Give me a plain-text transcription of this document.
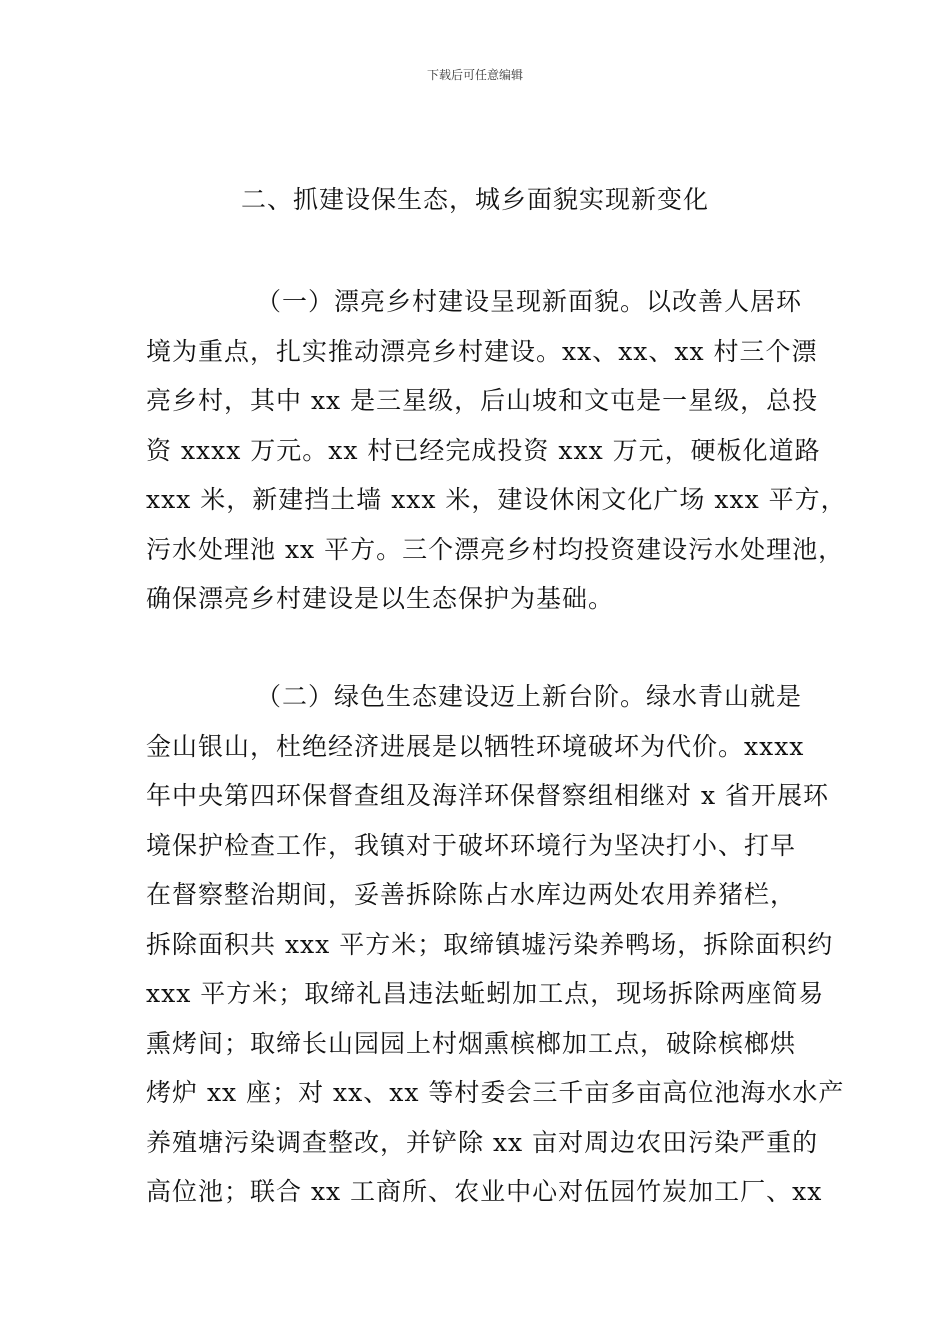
下载后可任意编辑
二、抓建设保生态，城乡面貌实现新变化
（一）漂亮乡村建设呈现新面貌。以改善人居环
境为重点，扎实推动漂亮乡村建设。xx、xx、xx 村三个漂
亮乡村，其中 xx 是三星级，后山坡和文屯是一星级，总投
资 xxxx 万元。xx 村已经完成投资 xxx 万元，硬板化道路
xxx 米，新建挡土墙 xxx 米，建设休闲文化广场 xxx 平方，
污水处理池 xx 平方。三个漂亮乡村均投资建设污水处理池，
确保漂亮乡村建设是以生态保护为基础。
（二）绿色生态建设迈上新台阶。绿水青山就是
金山银山，杜绝经济进展是以牺牲环境破坏为代价。xxxx
年中央第四环保督查组及海洋环保督察组相继对 x 省开展环
境保护检查工作，我镇对于破坏环境行为坚决打小、打早
在督察整治期间，妥善拆除陈占水库边两处农用养猪栏，
拆除面积共 xxx 平方米；取缔镇墟污染养鸭场，拆除面积约
xxx 平方米；取缔礼昌违法蚯蚓加工点，现场拆除两座简易
熏烤间；取缔长山园园上村烟熏槟榔加工点，破除槟榔烘
烤炉 xx 座；对 xx、xx 等村委会三千亩多亩高位池海水水产
养殖塘污染调查整改，并铲除 xx 亩对周边农田污染严重的
高位池；联合 xx 工商所、农业中心对伍园竹炭加工厂、xx
